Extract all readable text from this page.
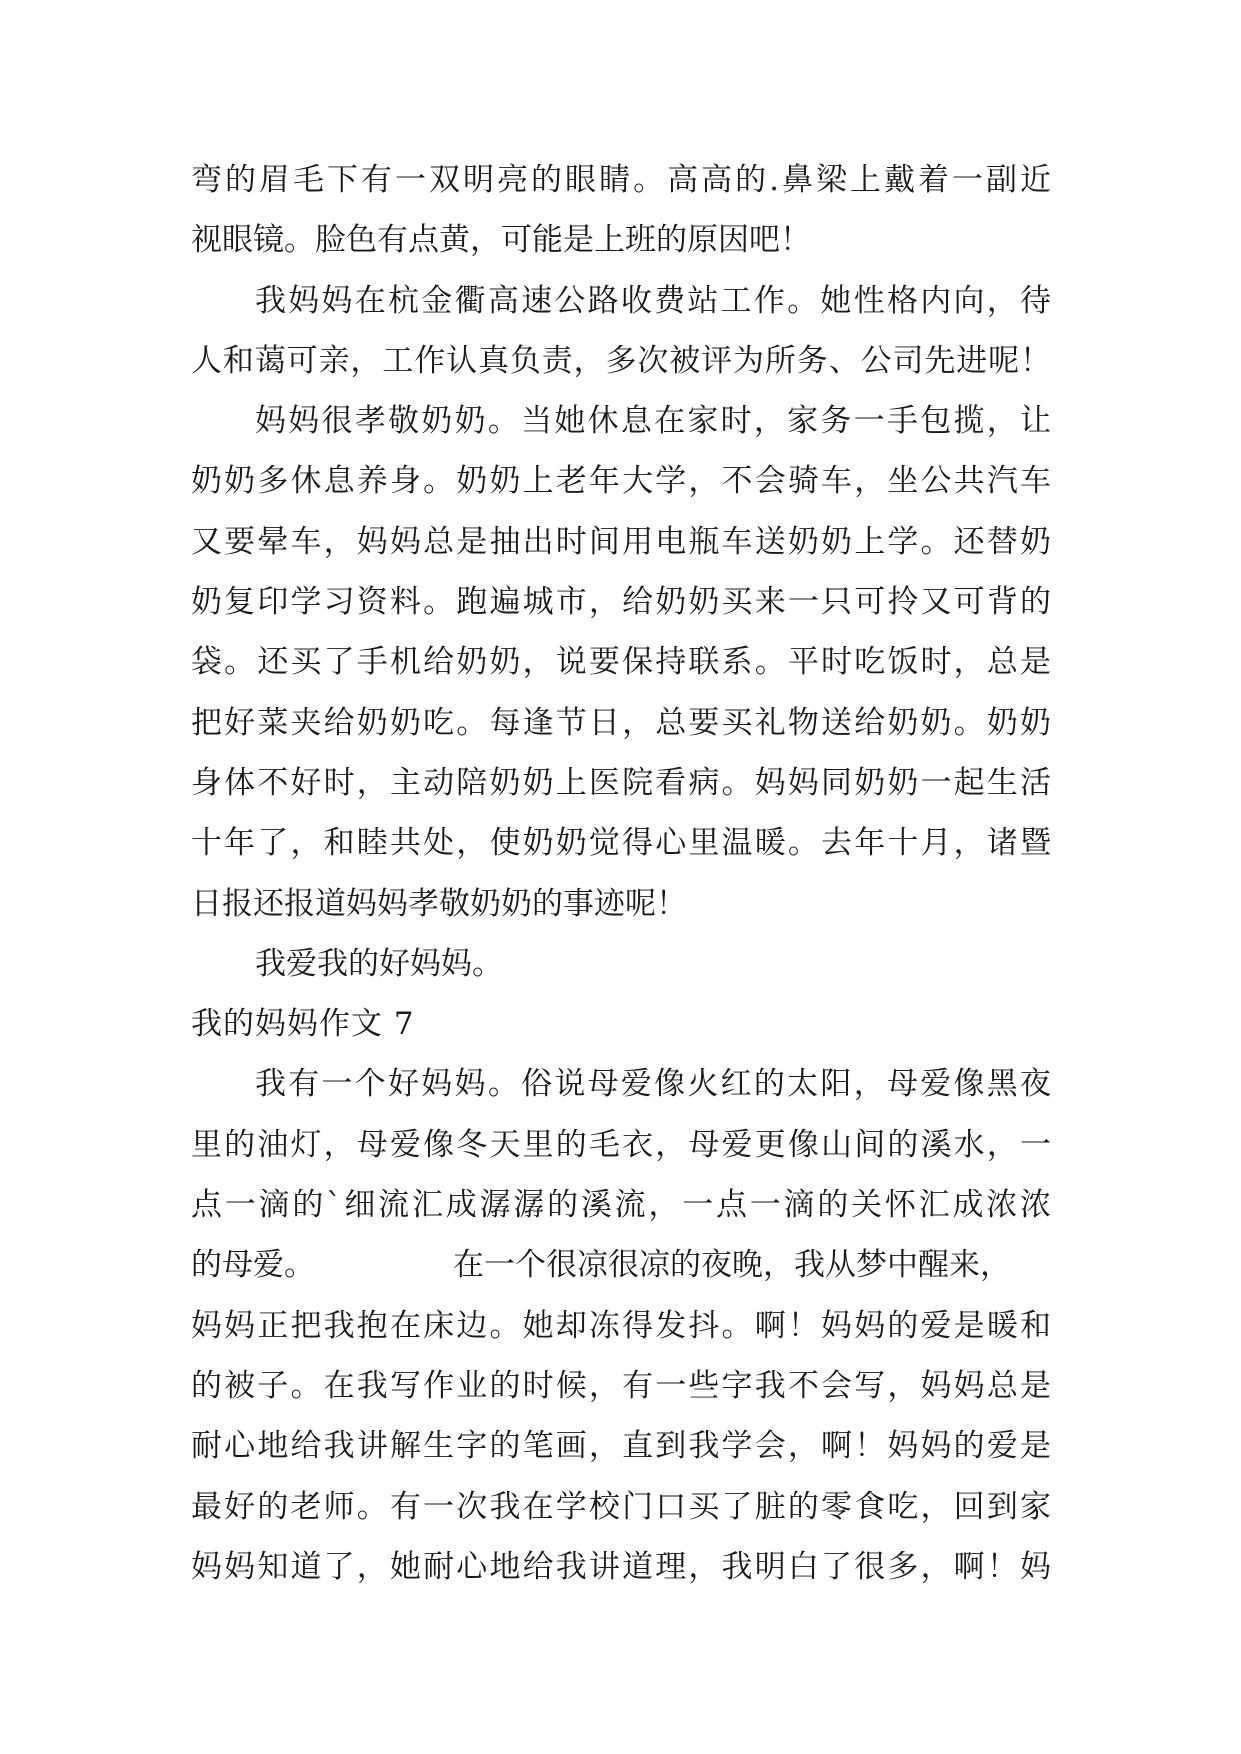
弯的眉毛下有一双明亮的眼睛。高高的.鼻梁上戴着一副近
视眼镜。脸色有点黄，可能是上班的原因吧！
我妈妈在杭金衢高速公路收费站工作。她性格内向，待
人和蔼可亲，工作认真负责，多次被评为所务、公司先进呢！
妈妈很孝敬奶奶。当她休息在家时，家务一手包揽，让
奶奶多休息养身。奶奶上老年大学，不会骑车，坐公共汽车
又要晕车，妈妈总是抽出时间用电瓶车送奶奶上学。还替奶
奶复印学习资料。跑遍城市，给奶奶买来一只可拎又可背的
袋。还买了手机给奶奶，说要保持联系。平时吃饭时，总是
把好菜夹给奶奶吃。每逢节日，总要买礼物送给奶奶。奶奶
身体不好时，主动陪奶奶上医院看病。妈妈同奶奶一起生活
十年了，和睦共处，使奶奶觉得心里温暖。去年十月，诸暨
日报还报道妈妈孝敬奶奶的事迹呢！
我爱我的好妈妈。
我的妈妈作文 7
我有一个好妈妈。俗说母爱像火红的太阳，母爱像黑夜
里的油灯，母爱像冬天里的毛衣，母爱更像山间的溪水，一
点一滴的`细流汇成潺潺的溪流，一点一滴的关怀汇成浓浓
的母爱。	在一个很凉很凉的夜晚，我从梦中醒来，
妈妈正把我抱在床边。她却冻得发抖。啊！妈妈的爱是暖和
的被子。在我写作业的时候，有一些字我不会写，妈妈总是
耐心地给我讲解生字的笔画，直到我学会，啊！妈妈的爱是
最好的老师。有一次我在学校门口买了脏的零食吃，回到家
妈妈知道了，她耐心地给我讲道理，我明白了很多，啊！妈
